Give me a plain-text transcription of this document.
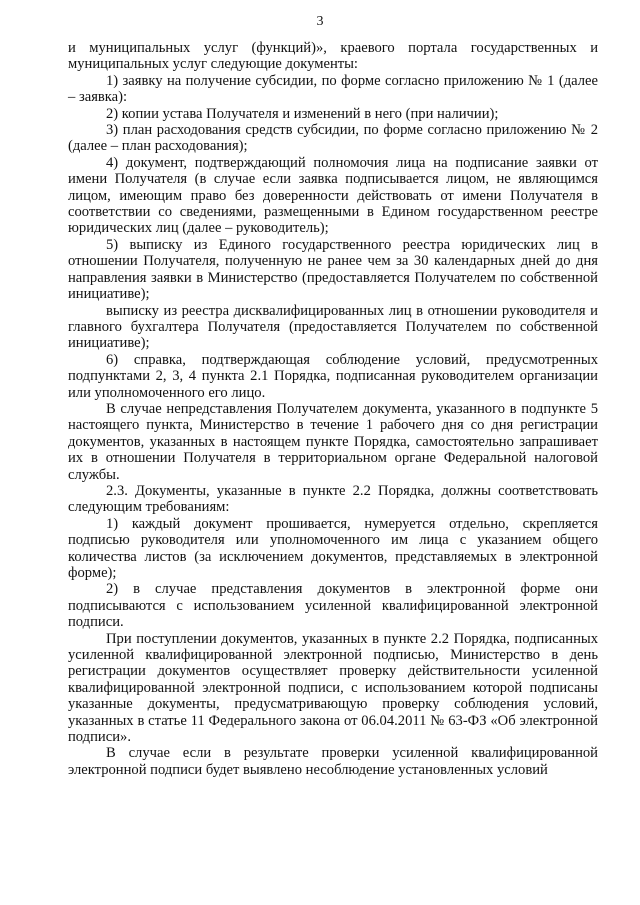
3

и муниципальных услуг (функций)», краевого портала государственных и муниципальных услуг следующие документы:

1) заявку на получение субсидии, по форме согласно приложению № 1 (далее – заявка):

2) копии устава Получателя и изменений в него (при наличии);

3) план расходования средств субсидии, по форме согласно приложению № 2 (далее – план расходования);

4) документ, подтверждающий полномочия лица на подписание заявки от имени Получателя (в случае если заявка подписывается лицом, не являющимся лицом, имеющим право без доверенности действовать от имени Получателя в соответствии со сведениями, размещенными в Едином государственном реестре юридических лиц (далее – руководитель);

5) выписку из Единого государственного реестра юридических лиц в отношении Получателя, полученную не ранее чем за 30 календарных дней до дня направления заявки в Министерство (предоставляется Получателем по собственной инициативе);

выписку из реестра дисквалифицированных лиц в отношении руководителя и главного бухгалтера Получателя (предоставляется Получателем по собственной инициативе);

6) справка, подтверждающая соблюдение условий, предусмотренных подпунктами 2, 3, 4 пункта 2.1 Порядка, подписанная руководителем организации или уполномоченного его лицо.

В случае непредставления Получателем документа, указанного в подпункте 5 настоящего пункта, Министерство в течение 1 рабочего дня со дня регистрации документов, указанных в настоящем пункте Порядка, самостоятельно запрашивает их в отношении Получателя в территориальном органе Федеральной налоговой службы.

2.3. Документы, указанные в пункте 2.2 Порядка, должны соответствовать следующим требованиям:

1) каждый документ прошивается, нумеруется отдельно, скрепляется подписью руководителя или уполномоченного им лица с указанием общего количества листов (за исключением документов, представляемых в электронной форме);

2) в случае представления документов в электронной форме они подписываются с использованием усиленной квалифицированной электронной подписи.

При поступлении документов, указанных в пункте 2.2 Порядка, подписанных усиленной квалифицированной электронной подписью, Министерство в день регистрации документов осуществляет проверку действительности усиленной квалифицированной электронной подписи, с использованием которой подписаны указанные документы, предусматривающую проверку соблюдения условий, указанных в статье 11 Федерального закона от 06.04.2011 № 63-ФЗ «Об электронной подписи».

В случае если в результате проверки усиленной квалифицированной электронной подписи будет выявлено несоблюдение установленных условий
